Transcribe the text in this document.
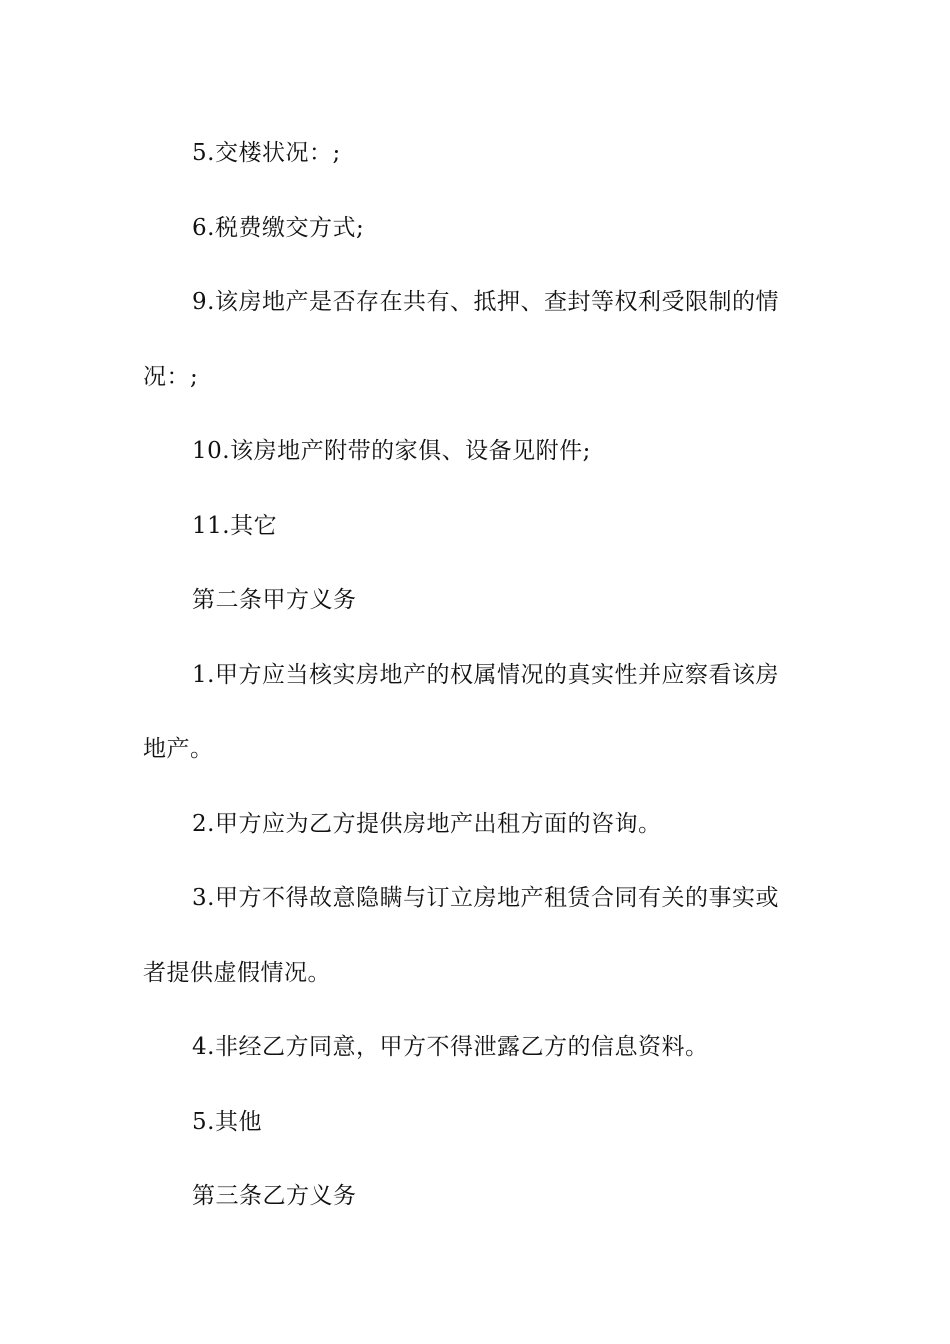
5.交楼状况：;
6.税费缴交方式;
9.该房地产是否存在共有、抵押、查封等权利受限制的情
况：;
10.该房地产附带的家俱、设备见附件;
11.其它
第二条甲方义务
1.甲方应当核实房地产的权属情况的真实性并应察看该房
地产。
2.甲方应为乙方提供房地产出租方面的咨询。
3.甲方不得故意隐瞒与订立房地产租赁合同有关的事实或
者提供虚假情况。
4.非经乙方同意，甲方不得泄露乙方的信息资料。
5.其他
第三条乙方义务
